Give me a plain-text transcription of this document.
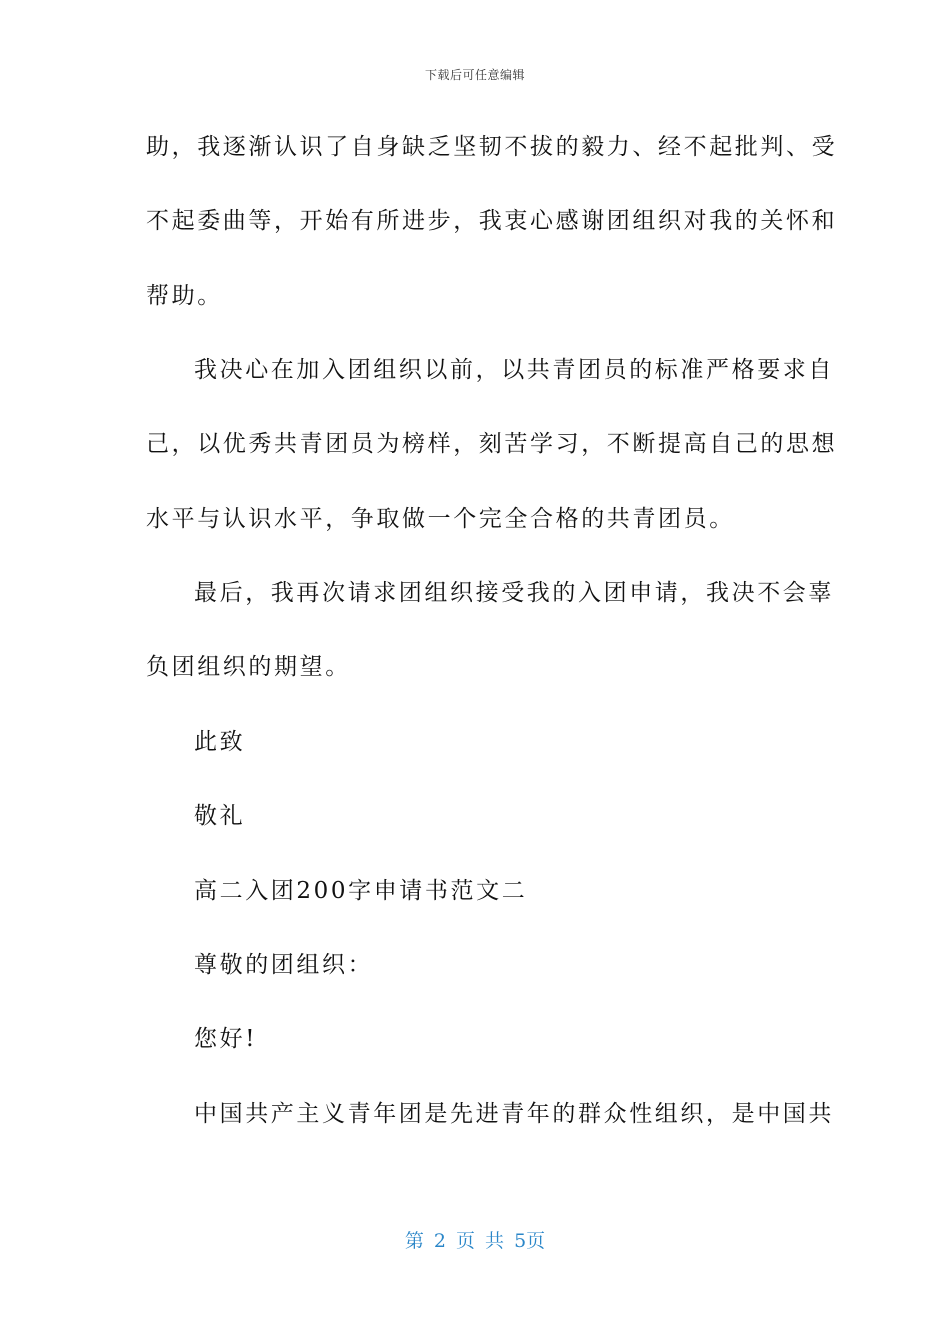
下载后可任意编辑
助，我逐渐认识了自身缺乏坚韧不拔的毅力、经不起批判、受
不起委曲等，开始有所进步，我衷心感谢团组织对我的关怀和
帮助。
我决心在加入团组织以前，以共青团员的标准严格要求自
己，以优秀共青团员为榜样，刻苦学习，不断提高自己的思想
水平与认识水平，争取做一个完全合格的共青团员。
最后，我再次请求团组织接受我的入团申请，我决不会辜
负团组织的期望。
此致
敬礼
高二入团200字申请书范文二
尊敬的团组织：
您好!
中国共产主义青年团是先进青年的群众性组织，是中国共
第 2 页 共 5页
